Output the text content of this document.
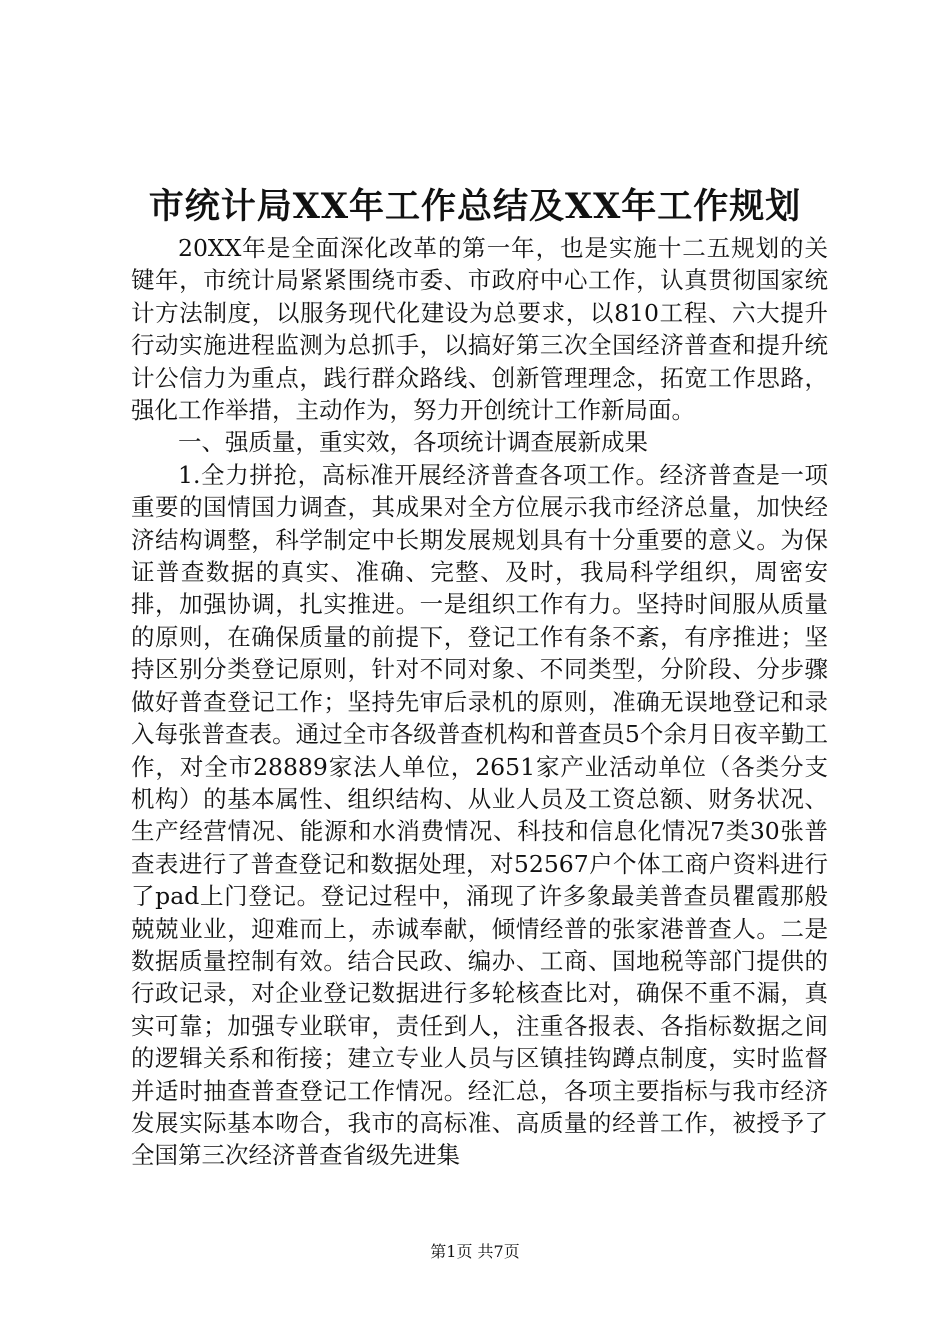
市统计局XX年工作总结及XX年工作规划

20XX年是全面深化改革的第一年，也是实施十二五规划的关键年，市统计局紧紧围绕市委、市政府中心工作，认真贯彻国家统计方法制度，以服务现代化建设为总要求，以810工程、六大提升行动实施进程监测为总抓手，以搞好第三次全国经济普查和提升统计公信力为重点，践行群众路线、创新管理理念，拓宽工作思路，强化工作举措，主动作为，努力开创统计工作新局面。

一、强质量，重实效，各项统计调查展新成果

1.全力拼抢，高标准开展经济普查各项工作。经济普查是一项重要的国情国力调查，其成果对全方位展示我市经济总量，加快经济结构调整，科学制定中长期发展规划具有十分重要的意义。为保证普查数据的真实、准确、完整、及时，我局科学组织，周密安排，加强协调，扎实推进。一是组织工作有力。坚持时间服从质量的原则，在确保质量的前提下，登记工作有条不紊，有序推进；坚持区别分类登记原则，针对不同对象、不同类型，分阶段、分步骤做好普查登记工作；坚持先审后录机的原则，准确无误地登记和录入每张普查表。通过全市各级普查机构和普查员5个余月日夜辛勤工作，对全市28889家法人单位，2651家产业活动单位（各类分支机构）的基本属性、组织结构、从业人员及工资总额、财务状况、生产经营情况、能源和水消费情况、科技和信息化情况7类30张普查表进行了普查登记和数据处理，对52567户个体工商户资料进行了pad上门登记。登记过程中，涌现了许多象最美普查员瞿霞那般兢兢业业，迎难而上，赤诚奉献，倾情经普的张家港普查人。二是数据质量控制有效。结合民政、编办、工商、国地税等部门提供的行政记录，对企业登记数据进行多轮核查比对，确保不重不漏，真实可靠；加强专业联审，责任到人，注重各报表、各指标数据之间的逻辑关系和衔接；建立专业人员与区镇挂钩蹲点制度，实时监督并适时抽查普查登记工作情况。经汇总，各项主要指标与我市经济发展实际基本吻合，我市的高标准、高质量的经普工作，被授予了全国第三次经济普查省级先进集

第1页 共7页
